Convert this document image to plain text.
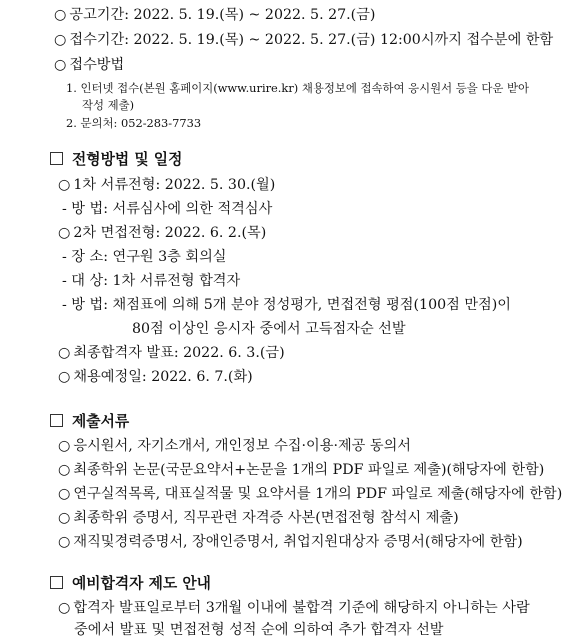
○ 공고기간: 2022. 5. 19.(목) ~ 2022. 5. 27.(금)
○ 접수기간: 2022. 5. 19.(목) ~ 2022. 5. 27.(금) 12:00시까지 접수분에 한함
○ 접수방법
1. 인터넷 접수(본원 홈페이지(www.urire.kr) 채용정보에 접속하여 응시원서 등을 다운 받아
작성 제출)
2. 문의처: 052-283-7733
전형방법 및 일정
○ 1차 서류전형: 2022. 5. 30.(월)
- 방 법: 서류심사에 의한 적격심사
○ 2차 면접전형: 2022. 6. 2.(목)
- 장 소: 연구원 3층 회의실
- 대 상: 1차 서류전형 합격자
- 방 법: 채점표에 의해 5개 분야 정성평가, 면접전형 평점(100점 만점)이
80점 이상인 응시자 중에서 고득점자순 선발
○ 최종합격자 발표: 2022. 6. 3.(금)
○ 채용예정일: 2022. 6. 7.(화)
제출서류
○ 응시원서, 자기소개서, 개인정보 수집·이용·제공 동의서
○ 최종학위 논문(국문요약서+논문을 1개의 PDF 파일로 제출)(해당자에 한함)
○ 연구실적목록, 대표실적물 및 요약서를 1개의 PDF 파일로 제출(해당자에 한함)
○ 최종학위 증명서, 직무관련 자격증 사본(면접전형 참석시 제출)
○ 재직및경력증명서, 장애인증명서, 취업지원대상자 증명서(해당자에 한함)
예비합격자 제도 안내
○ 합격자 발표일로부터 3개월 이내에 불합격 기준에 해당하지 아니하는 사람
중에서 발표 및 면접전형 성적 순에 의하여 추가 합격자 선발
